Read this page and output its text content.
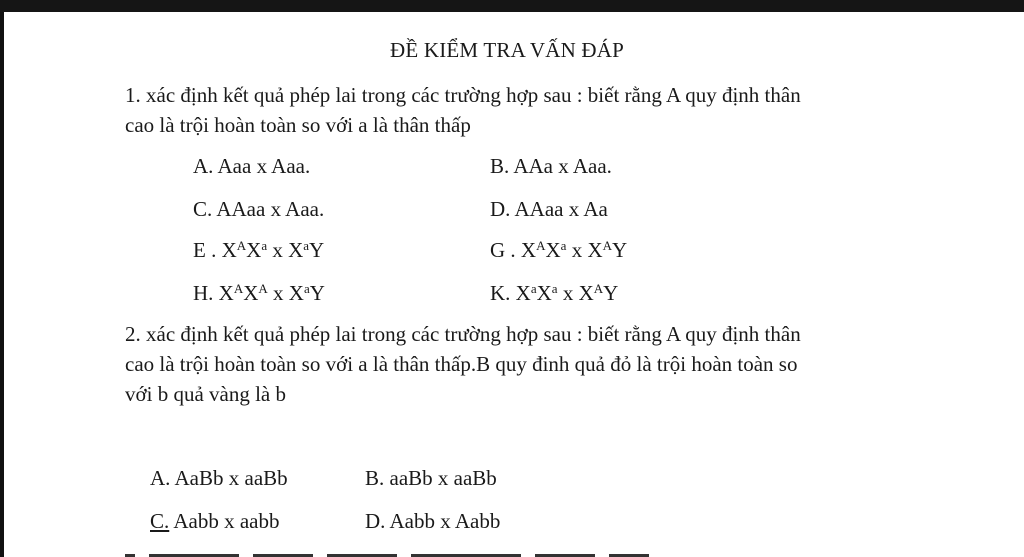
ĐỀ KIỂM TRA VẤN ĐÁP
1. xác định kết quả phép lai trong các trường hợp sau : biết rằng A quy định thân
cao là trội hoàn toàn so với a là thân thấp
A. Aaa x Aaa.	B. AAa x Aaa.
C. AAaa x Aaa.	D. AAaa x Aa
E . $X^AX^a$ x $X^aY$	G . $X^AX^a$ x $X^AY$
H. $X^AX^A$ x $X^aY$	K. $X^aX^a$ x $X^AY$
2. xác định kết quả phép lai trong các trường hợp sau : biết rằng A quy định thân
cao là trội hoàn toàn so với a là thân thấp.B quy đinh quả đỏ là trội hoàn toàn so
với b quả vàng là b
A. AaBb x aaBb	B. aaBb x aaBb
C. Aabb x aabb	D. Aabb x Aabb
